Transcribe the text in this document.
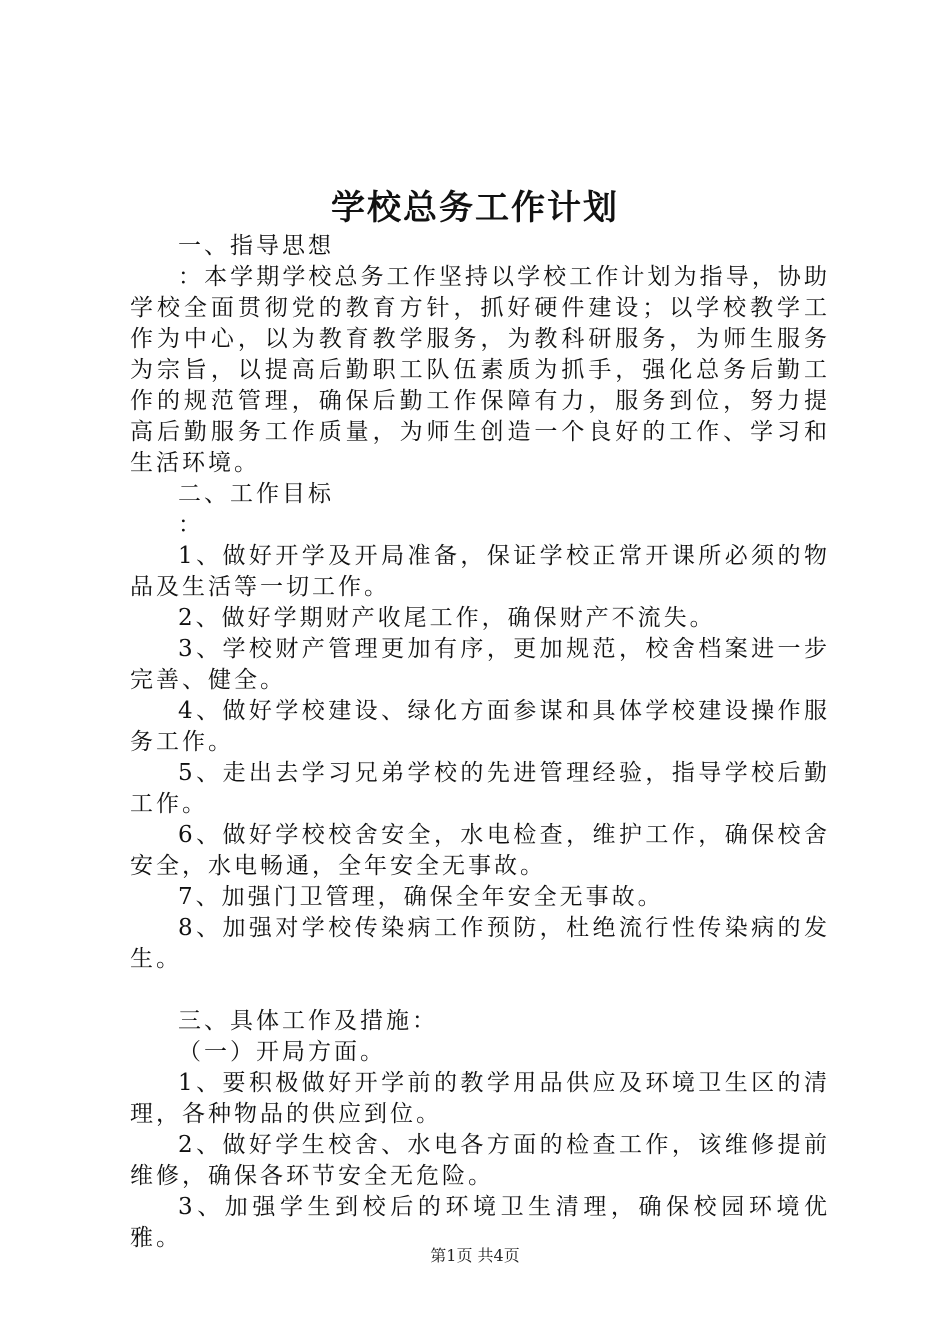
学校总务工作计划

一、指导思想

：本学期学校总务工作坚持以学校工作计划为指导，协助学校全面贯彻党的教育方针，抓好硬件建设；以学校教学工作为中心，以为教育教学服务，为教科研服务，为师生服务为宗旨，以提高后勤职工队伍素质为抓手，强化总务后勤工作的规范管理，确保后勤工作保障有力，服务到位，努力提高后勤服务工作质量，为师生创造一个良好的工作、学习和生活环境。

二、工作目标

：

1、做好开学及开局准备，保证学校正常开课所必须的物品及生活等一切工作。

2、做好学期财产收尾工作，确保财产不流失。

3、学校财产管理更加有序，更加规范，校舍档案进一步完善、健全。

4、做好学校建设、绿化方面参谋和具体学校建设操作服务工作。

5、走出去学习兄弟学校的先进管理经验，指导学校后勤工作。

6、做好学校校舍安全，水电检查，维护工作，确保校舍安全，水电畅通，全年安全无事故。

7、加强门卫管理，确保全年安全无事故。

8、加强对学校传染病工作预防，杜绝流行性传染病的发生。

三、具体工作及措施：

（一）开局方面。

1、要积极做好开学前的教学用品供应及环境卫生区的清理，各种物品的供应到位。

2、做好学生校舍、水电各方面的检查工作，该维修提前维修，确保各环节安全无危险。

3、加强学生到校后的环境卫生清理，确保校园环境优雅。

第1页 共4页
